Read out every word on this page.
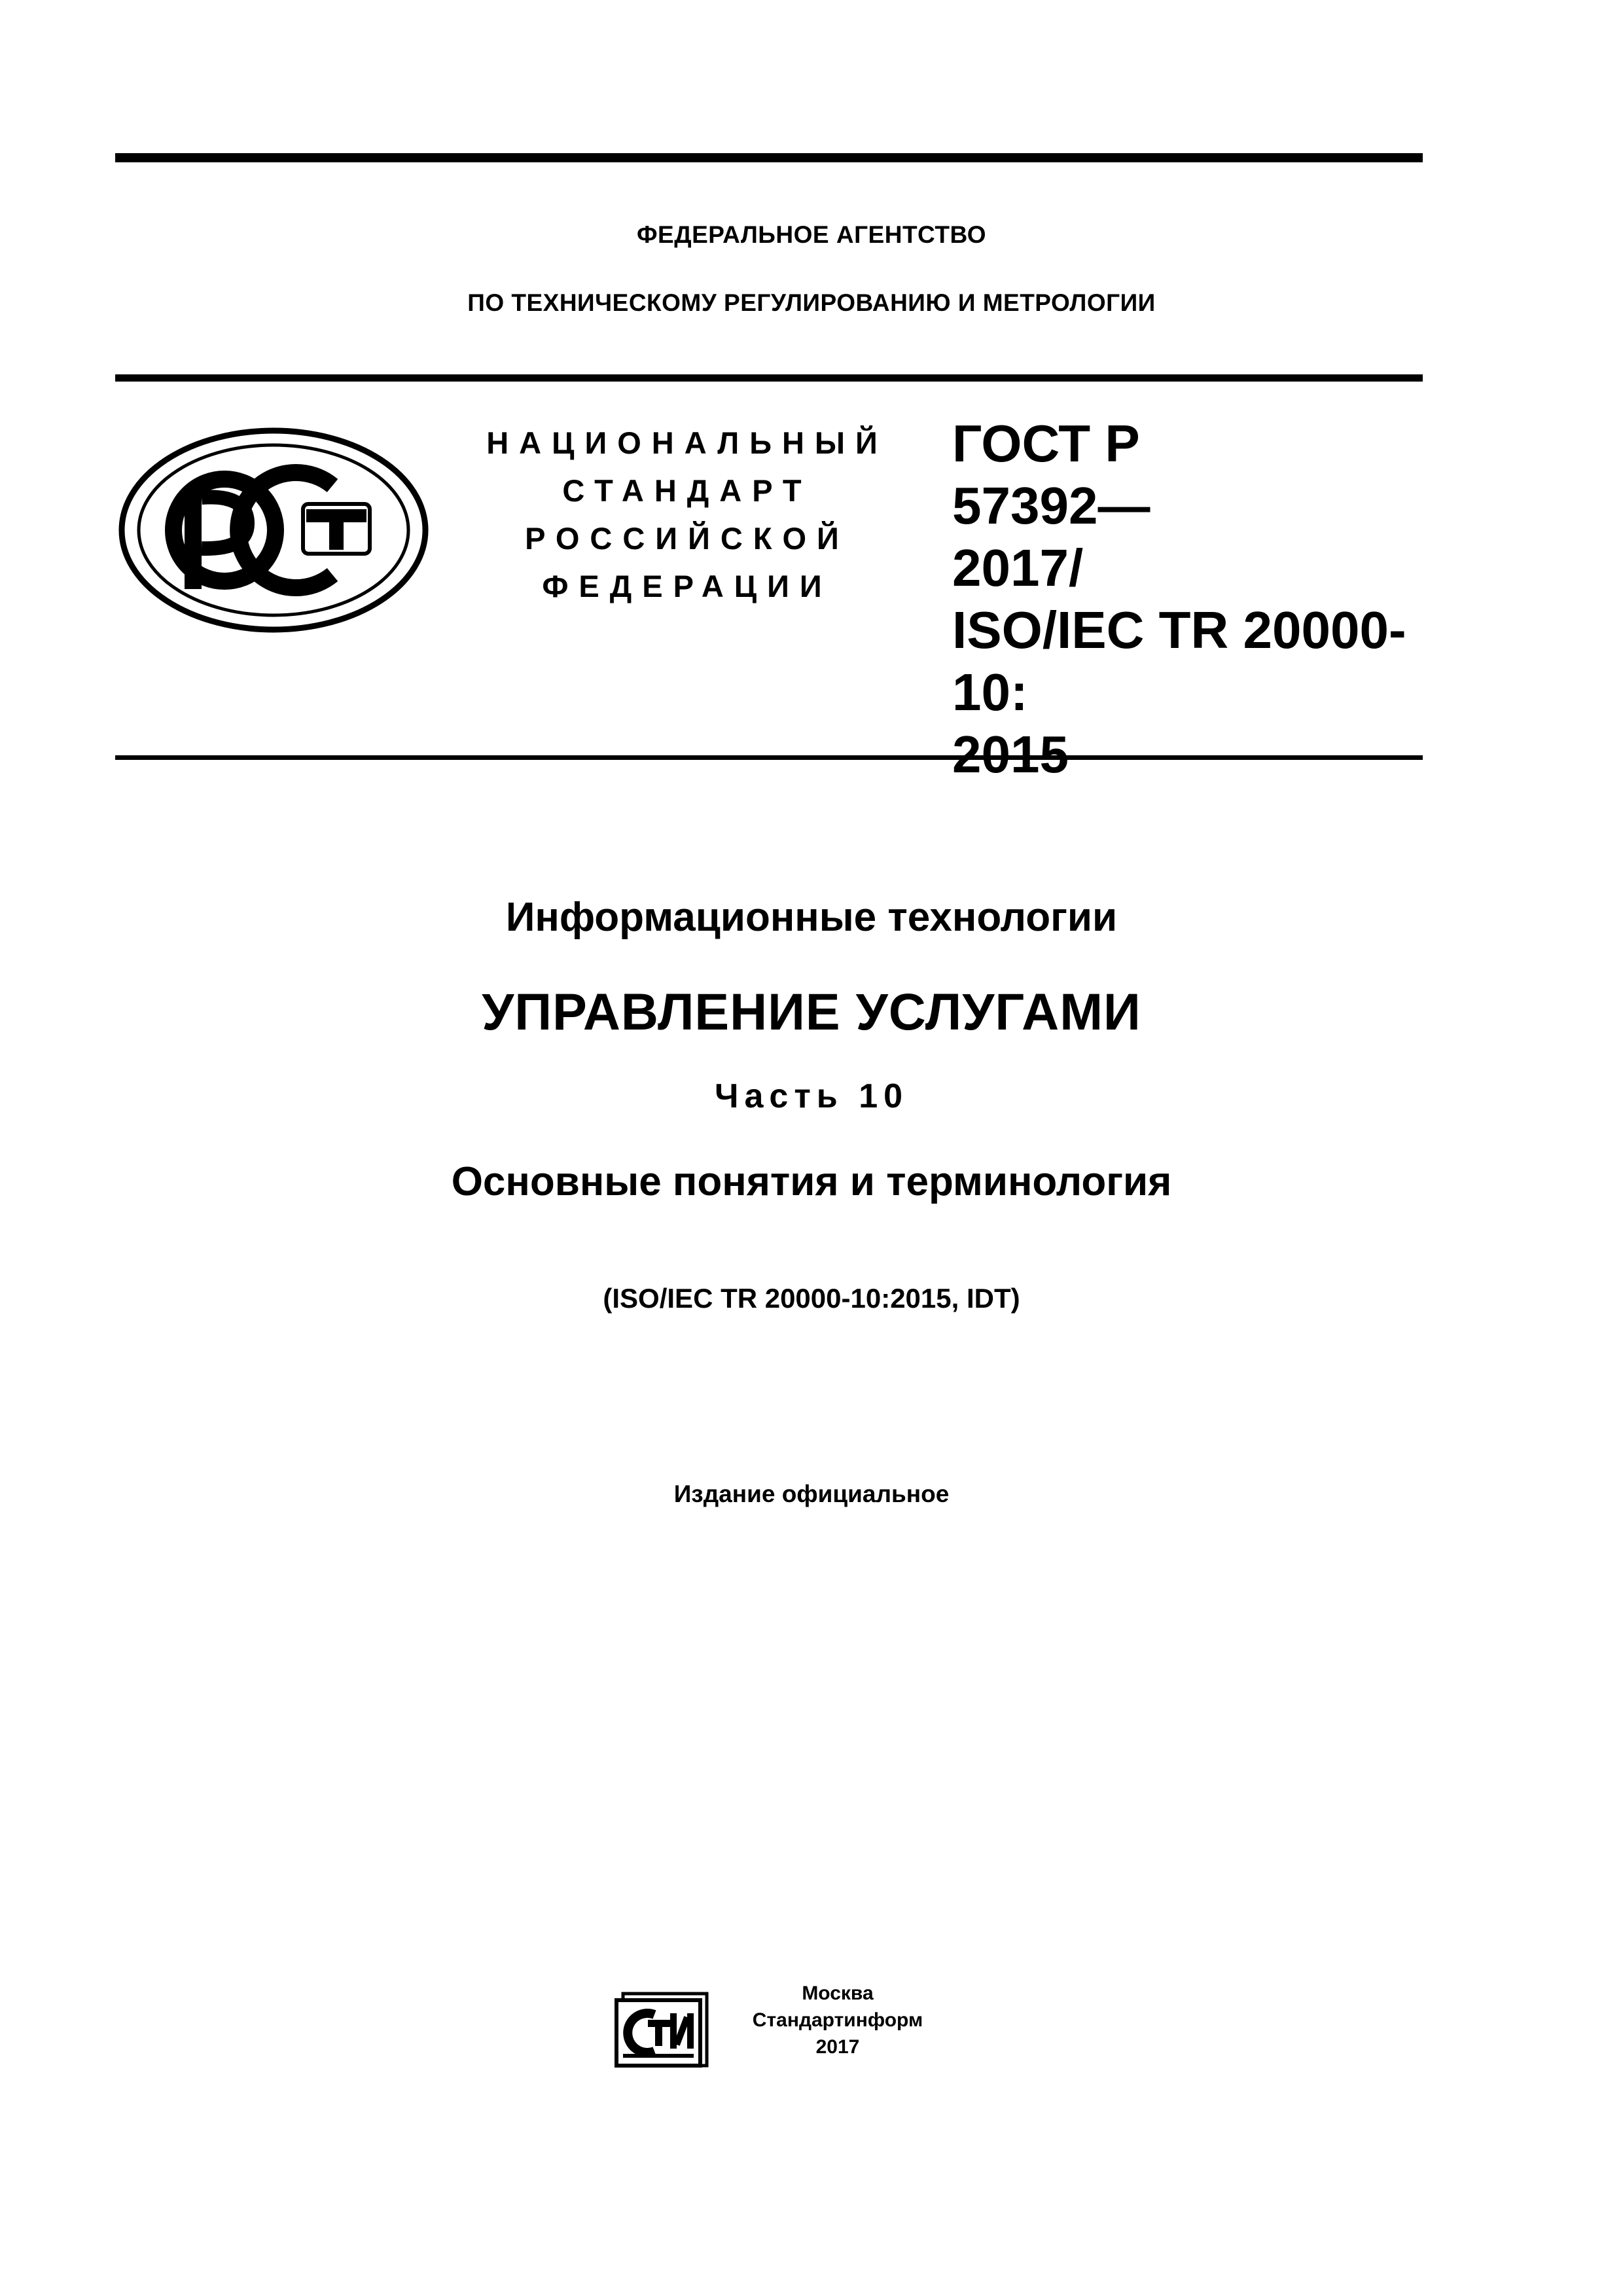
ФЕДЕРАЛЬНОЕ АГЕНТСТВО
ПО ТЕХНИЧЕСКОМУ РЕГУЛИРОВАНИЮ И МЕТРОЛОГИИ
НАЦИОНАЛЬНЫЙ
СТАНДАРТ
РОССИЙСКОЙ
ФЕДЕРАЦИИ
ГОСТ Р
57392—
2017/
ISO/IEC TR 20000-10:
2015
Информационные технологии
УПРАВЛЕНИЕ УСЛУГАМИ
Часть 10
Основные понятия и терминология
(ISO/IEC TR 20000-10:2015, IDT)
Издание официальное
Москва
Стандартинформ
2017
